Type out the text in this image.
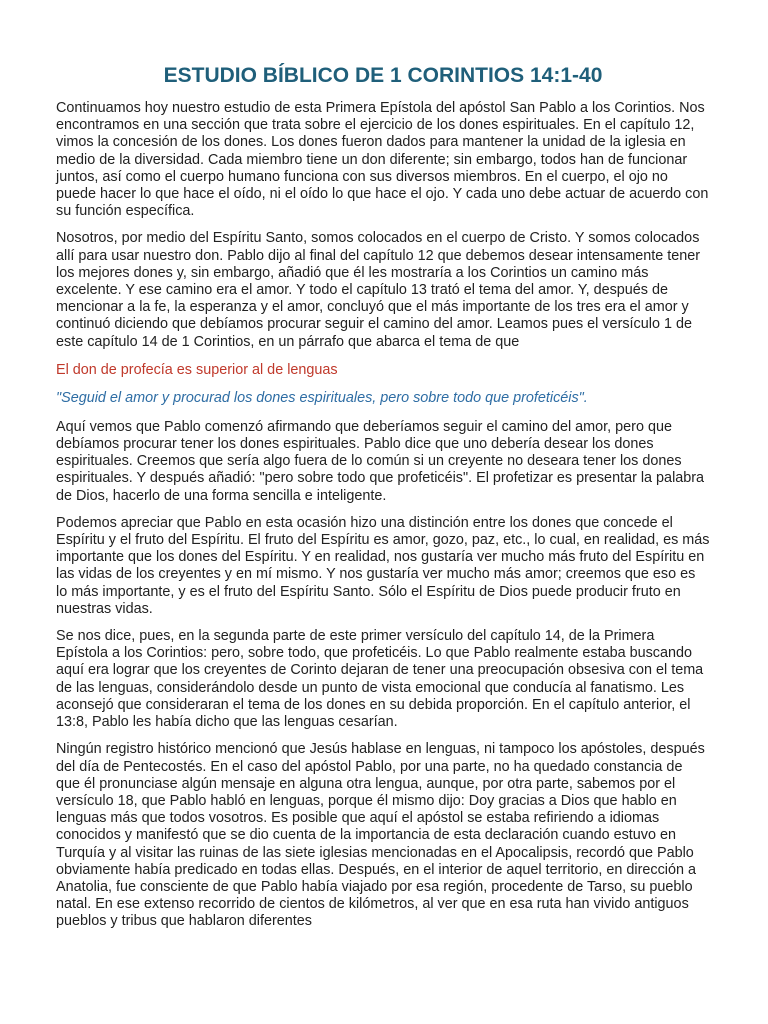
ESTUDIO BÍBLICO DE 1 CORINTIOS 14:1-40

Continuamos hoy nuestro estudio de esta Primera Epístola del apóstol San Pablo a los Corintios. Nos encontramos en una sección que trata sobre el ejercicio de los dones espirituales. En el capítulo 12, vimos la concesión de los dones. Los dones fueron dados para mantener la unidad de la iglesia en medio de la diversidad. Cada miembro tiene un don diferente; sin embargo, todos han de funcionar juntos, así como el cuerpo humano funciona con sus diversos miembros. En el cuerpo, el ojo no puede hacer lo que hace el oído, ni el oído lo que hace el ojo. Y cada uno debe actuar de acuerdo con su función específica.

Nosotros, por medio del Espíritu Santo, somos colocados en el cuerpo de Cristo. Y somos colocados allí para usar nuestro don. Pablo dijo al final del capítulo 12 que debemos desear intensamente tener los mejores dones y, sin embargo, añadió que él les mostraría a los Corintios un camino más excelente. Y ese camino era el amor. Y todo el capítulo 13 trató el tema del amor. Y, después de mencionar a la fe, la esperanza y el amor, concluyó que el más importante de los tres era el amor y continuó diciendo que debíamos procurar seguir el camino del amor. Leamos pues el versículo 1 de este capítulo 14 de 1 Corintios, en un párrafo que abarca el tema de que

El don de profecía es superior al de lenguas

"Seguid el amor y procurad los dones espirituales, pero sobre todo que profeticéis".

Aquí vemos que Pablo comenzó afirmando que deberíamos seguir el camino del amor, pero que debíamos procurar tener los dones espirituales. Pablo dice que uno debería desear los dones espirituales. Creemos que sería algo fuera de lo común si un creyente no deseara tener los dones espirituales. Y después añadió: "pero sobre todo que profeticéis". El profetizar es presentar la palabra de Dios, hacerlo de una forma sencilla e inteligente.

Podemos apreciar que Pablo en esta ocasión hizo una distinción entre los dones que concede el Espíritu y el fruto del Espíritu. El fruto del Espíritu es amor, gozo, paz, etc., lo cual, en realidad, es más importante que los dones del Espíritu. Y en realidad, nos gustaría ver mucho más fruto del Espíritu en las vidas de los creyentes y en mí mismo. Y nos gustaría ver mucho más amor; creemos que eso es lo más importante, y es el fruto del Espíritu Santo. Sólo el Espíritu de Dios puede producir fruto en nuestras vidas.

Se nos dice, pues, en la segunda parte de este primer versículo del capítulo 14, de la Primera Epístola a los Corintios: pero, sobre todo, que profeticéis. Lo que Pablo realmente estaba buscando aquí era lograr que los creyentes de Corinto dejaran de tener una preocupación obsesiva con el tema de las lenguas, considerándolo desde un punto de vista emocional que conducía al fanatismo. Les aconsejó que consideraran el tema de los dones en su debida proporción. En el capítulo anterior, el 13:8, Pablo les había dicho que las lenguas cesarían.

Ningún registro histórico mencionó que Jesús hablase en lenguas, ni tampoco los apóstoles, después del día de Pentecostés. En el caso del apóstol Pablo, por una parte, no ha quedado constancia de que él pronunciase algún mensaje en alguna otra lengua, aunque, por otra parte, sabemos por el versículo 18, que Pablo habló en lenguas, porque él mismo dijo: Doy gracias a Dios que hablo en lenguas más que todos vosotros. Es posible que aquí el apóstol se estaba refiriendo a idiomas conocidos y manifestó que se dio cuenta de la importancia de esta declaración cuando estuvo en Turquía y al visitar las ruinas de las siete iglesias mencionadas en el Apocalipsis, recordó que Pablo obviamente había predicado en todas ellas. Después, en el interior de aquel territorio, en dirección a Anatolia, fue consciente de que Pablo había viajado por esa región, procedente de Tarso, su pueblo natal. En ese extenso recorrido de cientos de kilómetros, al ver que en esa ruta han vivido antiguos pueblos y tribus que hablaron diferentes
